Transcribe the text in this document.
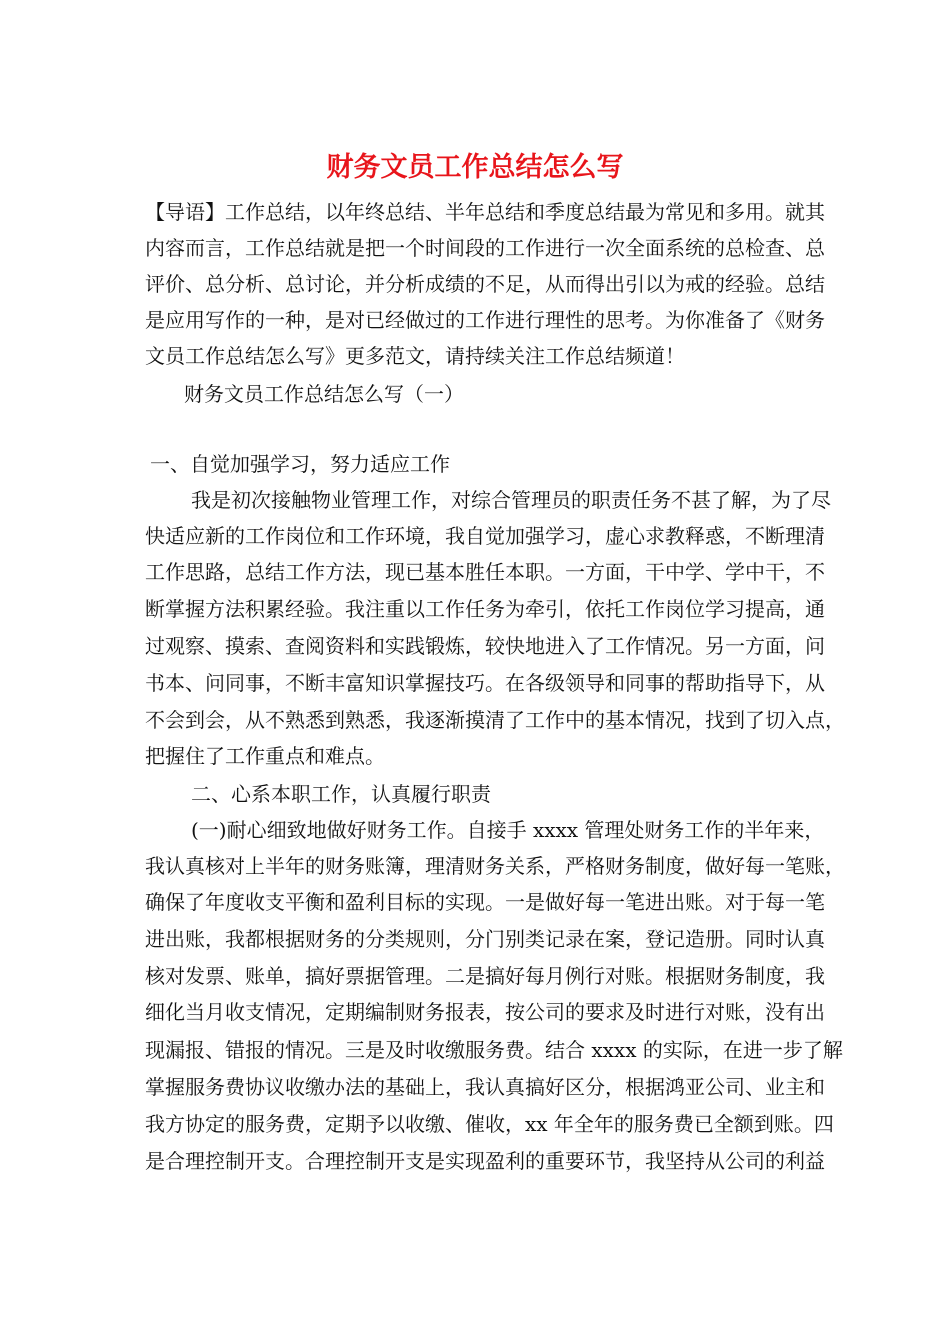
财务文员工作总结怎么写
【导语】工作总结，以年终总结、半年总结和季度总结最为常见和多用。就其
内容而言，工作总结就是把一个时间段的工作进行一次全面系统的总检查、总
评价、总分析、总讨论，并分析成绩的不足，从而得出引以为戒的经验。总结
是应用写作的一种，是对已经做过的工作进行理性的思考。为你准备了《财务
文员工作总结怎么写》更多范文，请持续关注工作总结频道！
财务文员工作总结怎么写（一）
一、自觉加强学习，努力适应工作
我是初次接触物业管理工作，对综合管理员的职责任务不甚了解，为了尽
快适应新的工作岗位和工作环境，我自觉加强学习，虚心求教释惑，不断理清
工作思路，总结工作方法，现已基本胜任本职。一方面，干中学、学中干，不
断掌握方法积累经验。我注重以工作任务为牵引，依托工作岗位学习提高，通
过观察、摸索、查阅资料和实践锻炼，较快地进入了工作情况。另一方面，问
书本、问同事，不断丰富知识掌握技巧。在各级领导和同事的帮助指导下，从
不会到会，从不熟悉到熟悉，我逐渐摸清了工作中的基本情况，找到了切入点，
把握住了工作重点和难点。
二、心系本职工作，认真履行职责
(一)耐心细致地做好财务工作。自接手 xxxx 管理处财务工作的半年来，
我认真核对上半年的财务账簿，理清财务关系，严格财务制度，做好每一笔账，
确保了年度收支平衡和盈利目标的实现。一是做好每一笔进出账。对于每一笔
进出账，我都根据财务的分类规则，分门别类记录在案，登记造册。同时认真
核对发票、账单，搞好票据管理。二是搞好每月例行对账。根据财务制度，我
细化当月收支情况，定期编制财务报表，按公司的要求及时进行对账，没有出
现漏报、错报的情况。三是及时收缴服务费。结合 xxxx 的实际，在进一步了解
掌握服务费协议收缴办法的基础上，我认真搞好区分，根据鸿亚公司、业主和
我方协定的服务费，定期予以收缴、催收，xx 年全年的服务费已全额到账。四
是合理控制开支。合理控制开支是实现盈利的重要环节，我坚持从公司的利益
